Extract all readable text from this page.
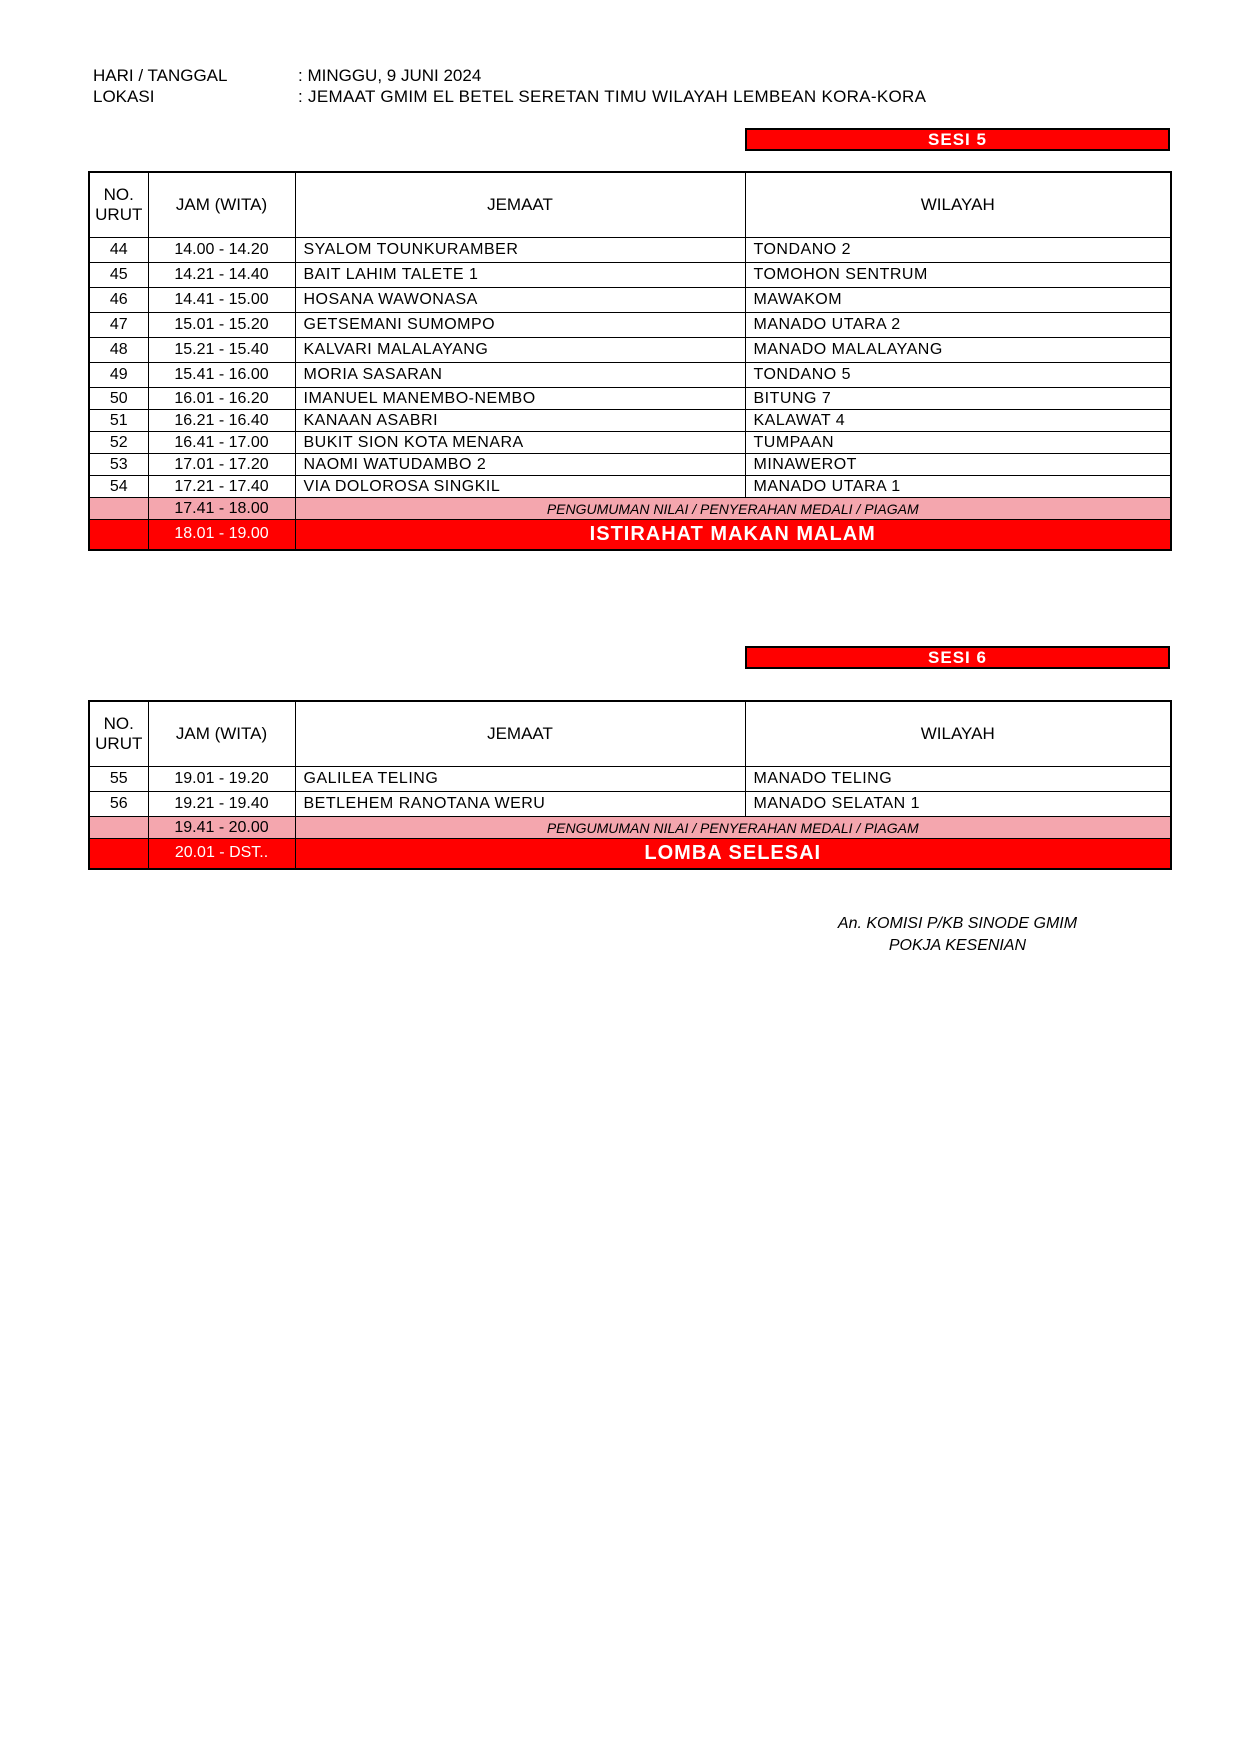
HARI / TANGGAL	: MINGGU, 9 JUNI 2024
LOKASI	: JEMAAT GMIM EL BETEL SERETAN TIMU WILAYAH LEMBEAN KORA-KORA
SESI 5
NO.
URUT	JAM (WITA)	JEMAAT	WILAYAH
44	14.00 - 14.20	SYALOM TOUNKURAMBER	TONDANO 2
45	14.21 - 14.40	BAIT LAHIM TALETE 1	TOMOHON SENTRUM
46	14.41 - 15.00	HOSANA WAWONASA	MAWAKOM
47	15.01 - 15.20	GETSEMANI SUMOMPO	MANADO UTARA 2
48	15.21 - 15.40	KALVARI MALALAYANG	MANADO MALALAYANG
49	15.41 - 16.00	MORIA SASARAN	TONDANO 5
50	16.01 - 16.20	IMANUEL MANEMBO-NEMBO	BITUNG 7
51	16.21 - 16.40	KANAAN ASABRI	KALAWAT 4
52	16.41 - 17.00	BUKIT SION KOTA MENARA	TUMPAAN
53	17.01 - 17.20	NAOMI WATUDAMBO 2	MINAWEROT
54	17.21 - 17.40	VIA DOLOROSA SINGKIL	MANADO UTARA 1
	17.41 - 18.00	PENGUMUMAN NILAI / PENYERAHAN MEDALI / PIAGAM	
	18.01 - 19.00	ISTIRAHAT MAKAN MALAM	
SESI 6
NO.
URUT	JAM (WITA)	JEMAAT	WILAYAH
55	19.01 - 19.20	GALILEA TELING	MANADO TELING
56	19.21 - 19.40	BETLEHEM RANOTANA WERU	MANADO SELATAN 1
	19.41 - 20.00	PENGUMUMAN NILAI / PENYERAHAN MEDALI / PIAGAM	
	20.01 - DST..	LOMBA SELESAI	
An. KOMISI P/KB SINODE GMIM
POKJA KESENIAN
